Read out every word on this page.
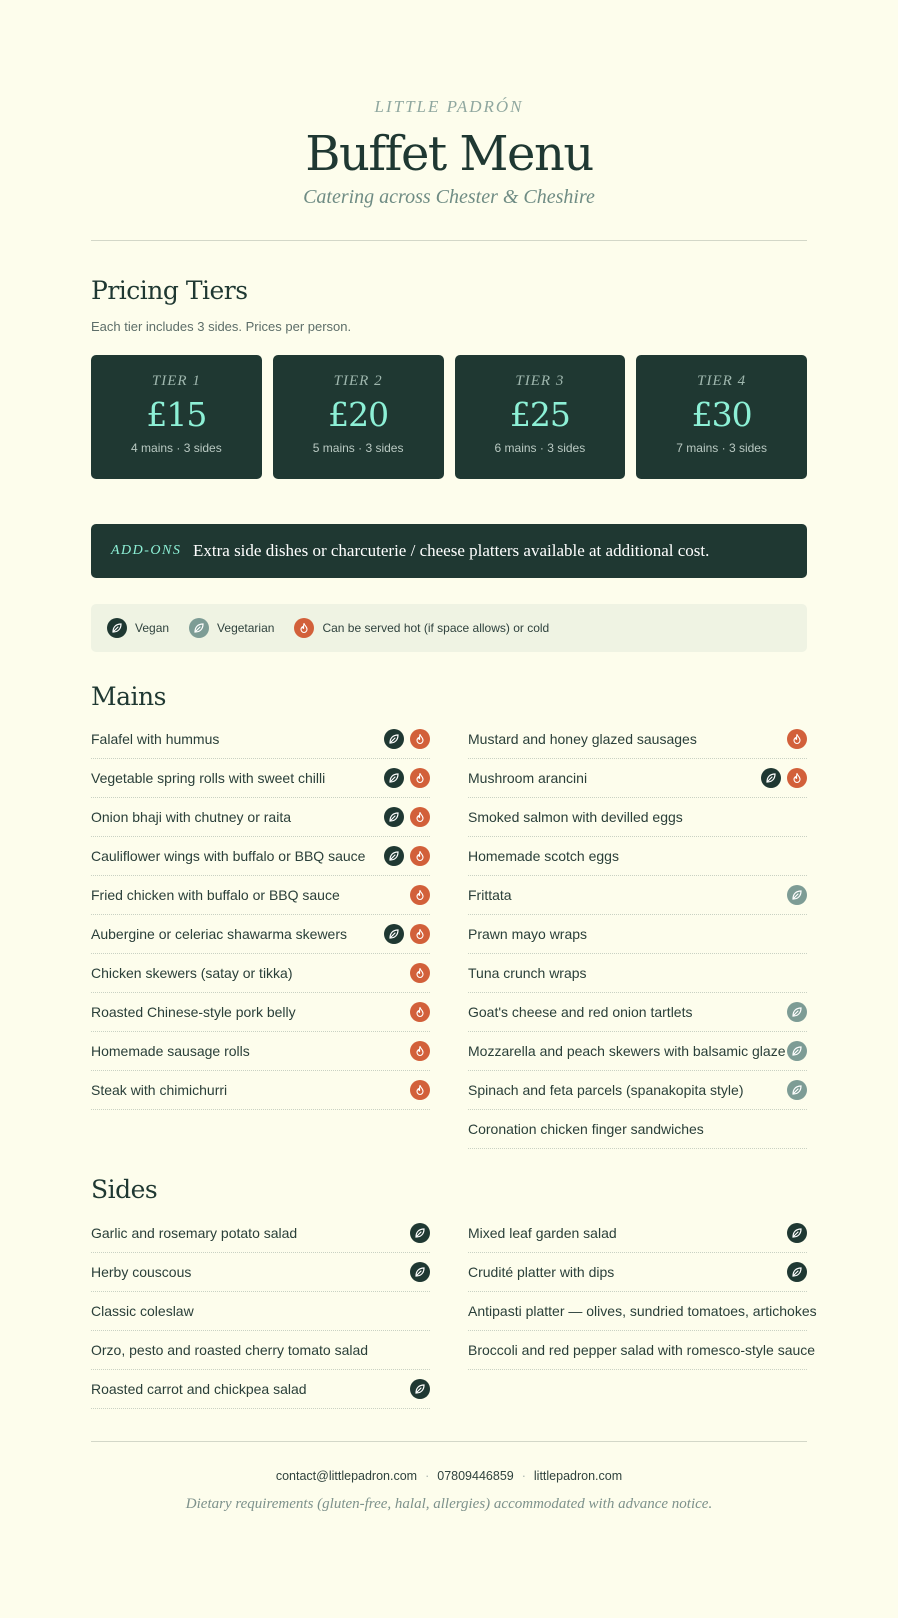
LITTLE PADRÓN
Buffet Menu
Catering across Chester & Cheshire
Pricing Tiers
Each tier includes 3 sides. Prices per person.
TIER 1
£15
4 mains · 3 sides
TIER 2
£20
5 mains · 3 sides
TIER 3
£25
6 mains · 3 sides
TIER 4
£30
7 mains · 3 sides
ADD-ONS Extra side dishes or charcuterie / cheese platters available at additional cost.
Vegan	Vegetarian	Can be served hot (if space allows) or cold
Mains
Falafel with hummus
Vegetable spring rolls with sweet chilli
Onion bhaji with chutney or raita
Cauliflower wings with buffalo or BBQ sauce
Fried chicken with buffalo or BBQ sauce
Aubergine or celeriac shawarma skewers
Chicken skewers (satay or tikka)
Roasted Chinese-style pork belly
Homemade sausage rolls
Steak with chimichurri
Mustard and honey glazed sausages
Mushroom arancini
Smoked salmon with devilled eggs
Homemade scotch eggs
Frittata
Prawn mayo wraps
Tuna crunch wraps
Goat's cheese and red onion tartlets
Mozzarella and peach skewers with balsamic glaze
Spinach and feta parcels (spanakopita style)
Coronation chicken finger sandwiches
Sides
Garlic and rosemary potato salad
Herby couscous
Classic coleslaw
Orzo, pesto and roasted cherry tomato salad
Roasted carrot and chickpea salad
Mixed leaf garden salad
Crudité platter with dips
Antipasti platter — olives, sundried tomatoes, artichokes
Broccoli and red pepper salad with romesco-style sauce
contact@littlepadron.com · 07809446859 · littlepadron.com
Dietary requirements (gluten-free, halal, allergies) accommodated with advance notice.
